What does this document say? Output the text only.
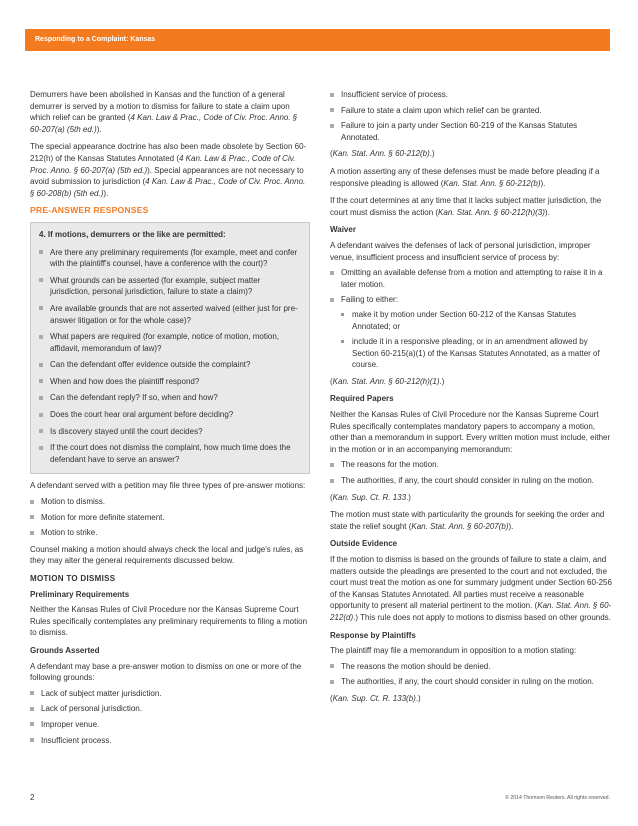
Responding to a Complaint: Kansas

Demurrers have been abolished in Kansas and the function of a general demurrer is served by a motion to dismiss for failure to state a claim upon which relief can be granted (4 Kan. Law & Prac., Code of Civ. Proc. Anno. § 60-207(a) (5th ed.)).

The special appearance doctrine has also been made obsolete by Section 60-212(h) of the Kansas Statutes Annotated (4 Kan. Law & Prac., Code of Civ. Proc. Anno. § 60-207(a) (5th ed.)). Special appearances are not necessary to avoid submission to jurisdiction (4 Kan. Law & Prac., Code of Civ. Proc. Anno. § 60-208(b) (5th ed.)).

PRE-ANSWER RESPONSES
4. If motions, demurrers or the like are permitted:
Are there any preliminary requirements (for example, meet and confer with the plaintiff's counsel, have a conference with the court)?
What grounds can be asserted (for example, subject matter jurisdiction, personal jurisdiction, failure to state a claim)?
Are available grounds that are not asserted waived (either just for pre-answer litigation or for the whole case)?
What papers are required (for example, notice of motion, motion, affidavit, memorandum of law)?
Can the defendant offer evidence outside the complaint?
When and how does the plaintiff respond?
Can the defendant reply? If so, when and how?
Does the court hear oral argument before deciding?
Is discovery stayed until the court decides?
If the court does not dismiss the complaint, how much time does the defendant have to serve an answer?

A defendant served with a petition may file three types of pre-answer motions:

Motion to dismiss.
Motion for more definite statement.
Motion to strike.

Counsel making a motion should always check the local and judge's rules, as they may alter the general requirements discussed below.

MOTION TO DISMISS
Preliminary Requirements

Neither the Kansas Rules of Civil Procedure nor the Kansas Supreme Court Rules specifically contemplates any preliminary requirements to filing a motion to dismiss.

Grounds Asserted

A defendant may base a pre-answer motion to dismiss on one or more of the following grounds:

Lack of subject matter jurisdiction.
Lack of personal jurisdiction.
Improper venue.
Insufficient process.
Insufficient service of process.
Failure to state a claim upon which relief can be granted.
Failure to join a party under Section 60-219 of the Kansas Statutes Annotated.

(Kan. Stat. Ann. § 60-212(b).)

A motion asserting any of these defenses must be made before pleading if a responsive pleading is allowed (Kan. Stat. Ann. § 60-212(b)).

If the court determines at any time that it lacks subject matter jurisdiction, the court must dismiss the action (Kan. Stat. Ann. § 60-212(h)(3)).

Waiver

A defendant waives the defenses of lack of personal jurisdiction, improper venue, insufficient process and insufficient service of process by:

Omitting an available defense from a motion and attempting to raise it in a later motion.
Failing to either:
make it by motion under Section 60-212 of the Kansas Statutes Annotated; or
include it in a responsive pleading, or in an amendment allowed by Section 60-215(a)(1) of the Kansas Statutes Annotated, as a matter of course.

(Kan. Stat. Ann. § 60-212(h)(1).)

Required Papers

Neither the Kansas Rules of Civil Procedure nor the Kansas Supreme Court Rules specifically contemplates mandatory papers to accompany a motion, other than a memorandum in support. Every written motion must include, either in the motion or in an accompanying memorandum:

The reasons for the motion.
The authorities, if any, the court should consider in ruling on the motion.

(Kan. Sup. Ct. R. 133.)

The motion must state with particularity the grounds for seeking the order and state the relief sought (Kan. Stat. Ann. § 60-207(b)).

Outside Evidence

If the motion to dismiss is based on the grounds of failure to state a claim, and matters outside the pleadings are presented to the court and not excluded, the court must treat the motion as one for summary judgment under Section 60-256 of the Kansas Statutes Annotated. All parties must receive a reasonable opportunity to present all material pertinent to the motion. (Kan. Stat. Ann. § 60-212(d).) This rule does not apply to motions to dismiss based on other grounds.

Response by Plaintiffs

The plaintiff may file a memorandum in opposition to a motion stating:

The reasons the motion should be denied.
The authorities, if any, the court should consider in ruling on the motion.

(Kan. Sup. Ct. R. 133(b).)

2	© 2014 Thomson Reuters. All rights reserved.
